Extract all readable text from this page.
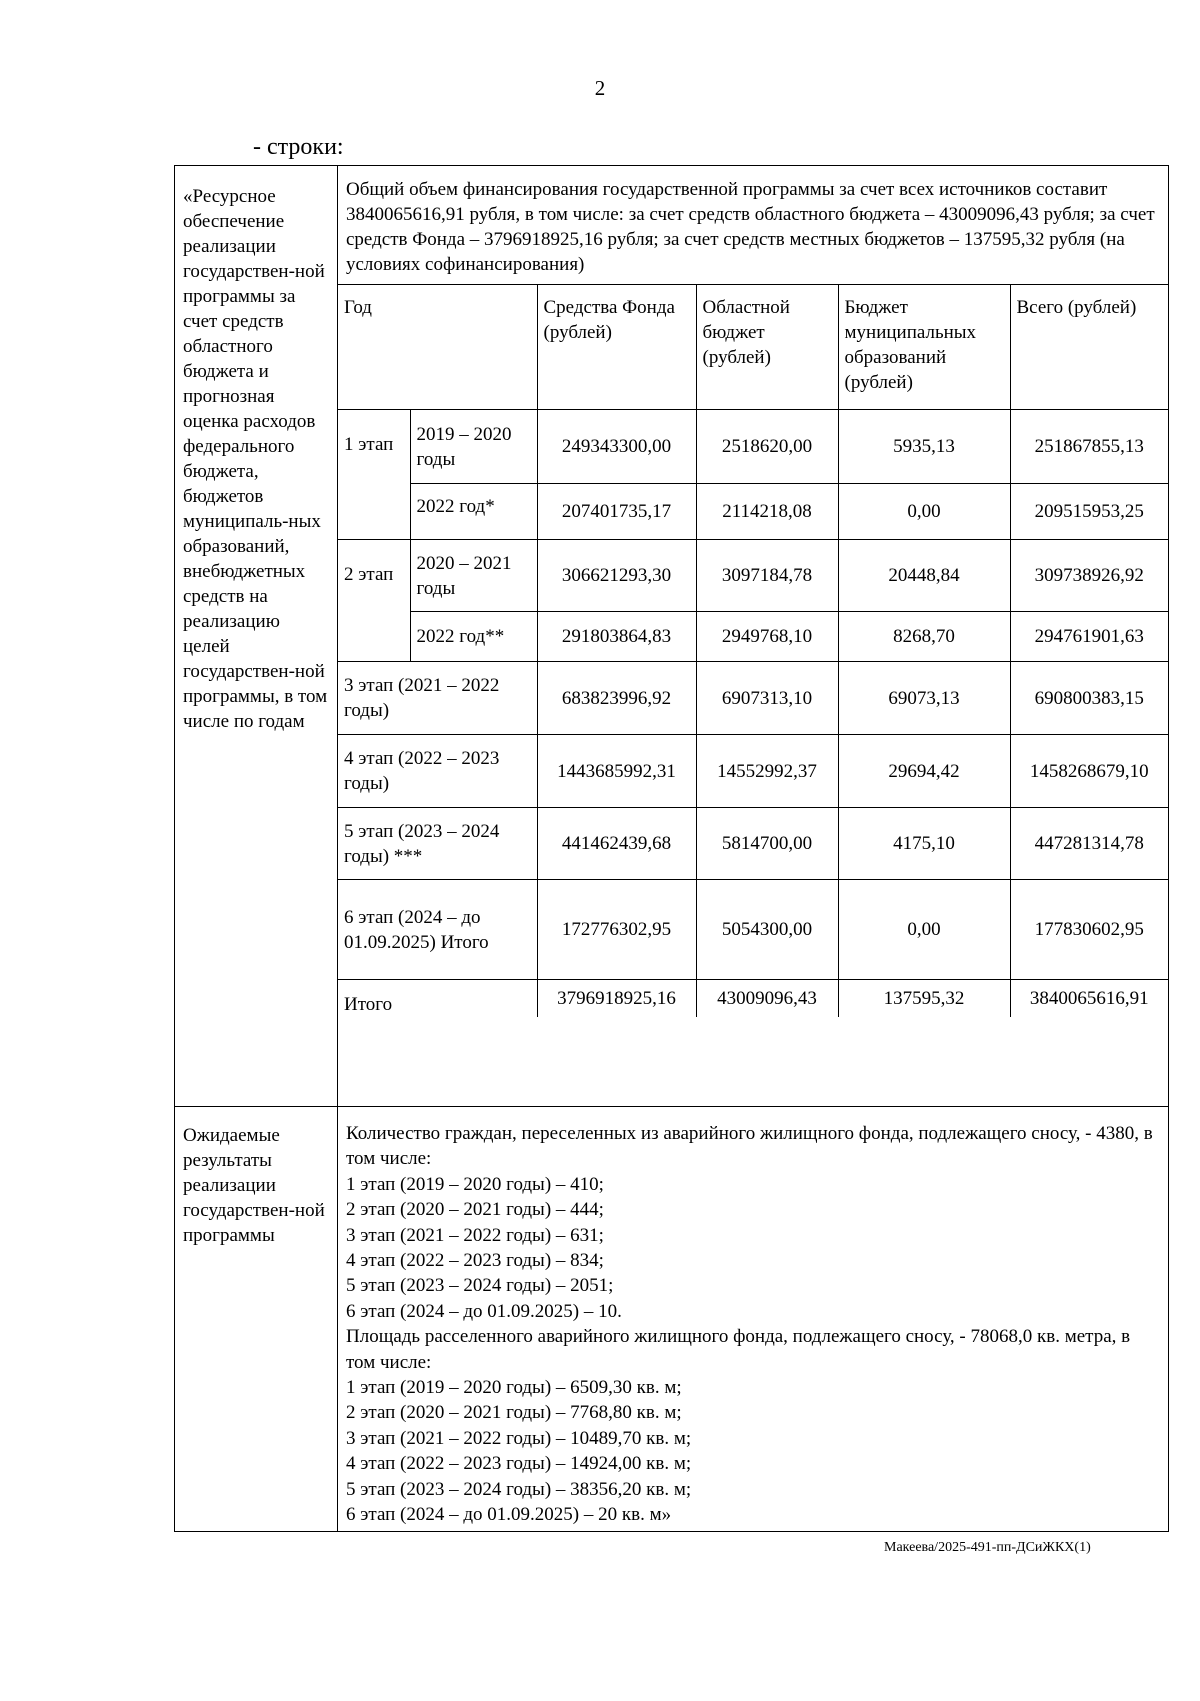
2
- строки:
«Ресурсное обеспечение реализации государствен-ной программы за счет средств областного бюджета и прогнозная оценка расходов федерального бюджета, бюджетов муниципаль-ных образований, внебюджетных средств на реализацию целей государствен-ной программы, в том числе по годам	
Общий объем финансирования государственной программы за счет всех источников составит 3840065616,91 рубля, в том числе: за счет средств областного бюджета – 43009096,43 рубля; за счет средств Фонда – 3796918925,16 рубля; за счет средств местных бюджетов – 137595,32 рубля (на условиях софинансирования)
Год	Средства Фонда (рублей)	Областной бюджет (рублей)	Бюджет муниципальных образований (рублей)	Всего (рублей)
1 этап	2019 – 2020 годы	249343300,00	2518620,00	5935,13	251867855,13
2022 год*	207401735,17	2114218,08	0,00	209515953,25
2 этап	2020 – 2021 годы	306621293,30	3097184,78	20448,84	309738926,92
2022 год**	291803864,83	2949768,10	8268,70	294761901,63
3 этап (2021 – 2022 годы)	683823996,92	6907313,10	69073,13	690800383,15
4 этап (2022 – 2023 годы)	1443685992,31	14552992,37	29694,42	1458268679,10
5 этап (2023 – 2024 годы) ***	441462439,68	5814700,00	4175,10	447281314,78
6 этап (2024 – до 01.09.2025) Итого	172776302,95	5054300,00	0,00	177830602,95
Итого	3796918925,16	43009096,43	137595,32	3840065616,91

Ожидаемые результаты реализации государствен-ной программы	
Количество граждан, переселенных из аварийного жилищного фонда, подлежащего сносу, - 4380, в том числе:
1 этап (2019 – 2020 годы) – 410;
2 этап (2020 – 2021 годы) – 444;
3 этап (2021 – 2022 годы) – 631;
4 этап (2022 – 2023 годы) – 834;
5 этап (2023 – 2024 годы) – 2051;
6 этап (2024 – до 01.09.2025) – 10.
Площадь расселенного аварийного жилищного фонда, подлежащего сносу, - 78068,0 кв. метра, в том числе:
1 этап (2019 – 2020 годы) – 6509,30 кв. м;
2 этап (2020 – 2021 годы) – 7768,80 кв. м;
3 этап (2021 – 2022 годы) – 10489,70 кв. м;
4 этап (2022 – 2023 годы) – 14924,00 кв. м;
5 этап (2023 – 2024 годы) – 38356,20 кв. м;
6 этап (2024 – до 01.09.2025) – 20 кв. м»
Макеева/2025-491-пп-ДСиЖКХ(1)
